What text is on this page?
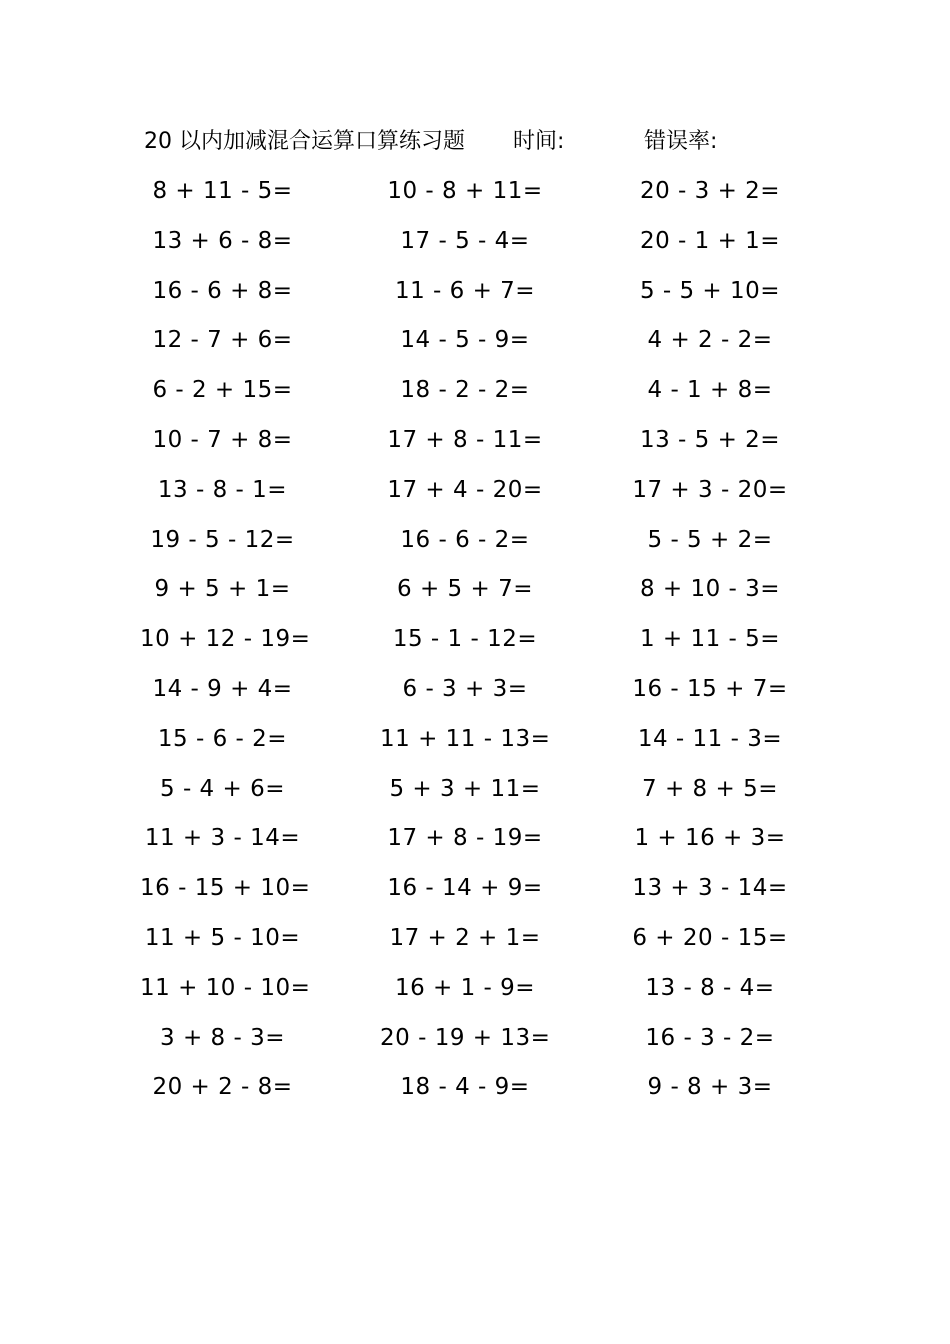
20 以内加减混合运算口算练习题 时间:	错误率:
8 + 11 - 5=	10 - 8 + 11=	20 - 3 + 2=
13 + 6 - 8=	17 - 5 - 4=	20 - 1 + 1=
16 - 6 + 8=	11 - 6 + 7=	5 - 5 + 10=
12 - 7 + 6=	14 - 5 - 9=	4 + 2 - 2=
6 - 2 + 15=	18 - 2 - 2=	4 - 1 + 8=
10 - 7 + 8=	17 + 8 - 11=	13 - 5 + 2=
13 - 8 - 1=	17 + 4 - 20=	17 + 3 - 20=
19 - 5 - 12=	16 - 6 - 2=	5 - 5 + 2=
9 + 5 + 1=	6 + 5 + 7=	8 + 10 - 3=
10 + 12 - 19=	15 - 1 - 12=	1 + 11 - 5=
14 - 9 + 4=	6 - 3 + 3=	16 - 15 + 7=
15 - 6 - 2=	11 + 11 - 13=	14 - 11 - 3=
5 - 4 + 6=	5 + 3 + 11=	7 + 8 + 5=
11 + 3 - 14=	17 + 8 - 19=	1 + 16 + 3=
16 - 15 + 10=	16 - 14 + 9=	13 + 3 - 14=
11 + 5 - 10=	17 + 2 + 1=	6 + 20 - 15=
11 + 10 - 10=	16 + 1 - 9=	13 - 8 - 4=
3 + 8 - 3=	20 - 19 + 13=	16 - 3 - 2=
20 + 2 - 8=	18 - 4 - 9=	9 - 8 + 3=
